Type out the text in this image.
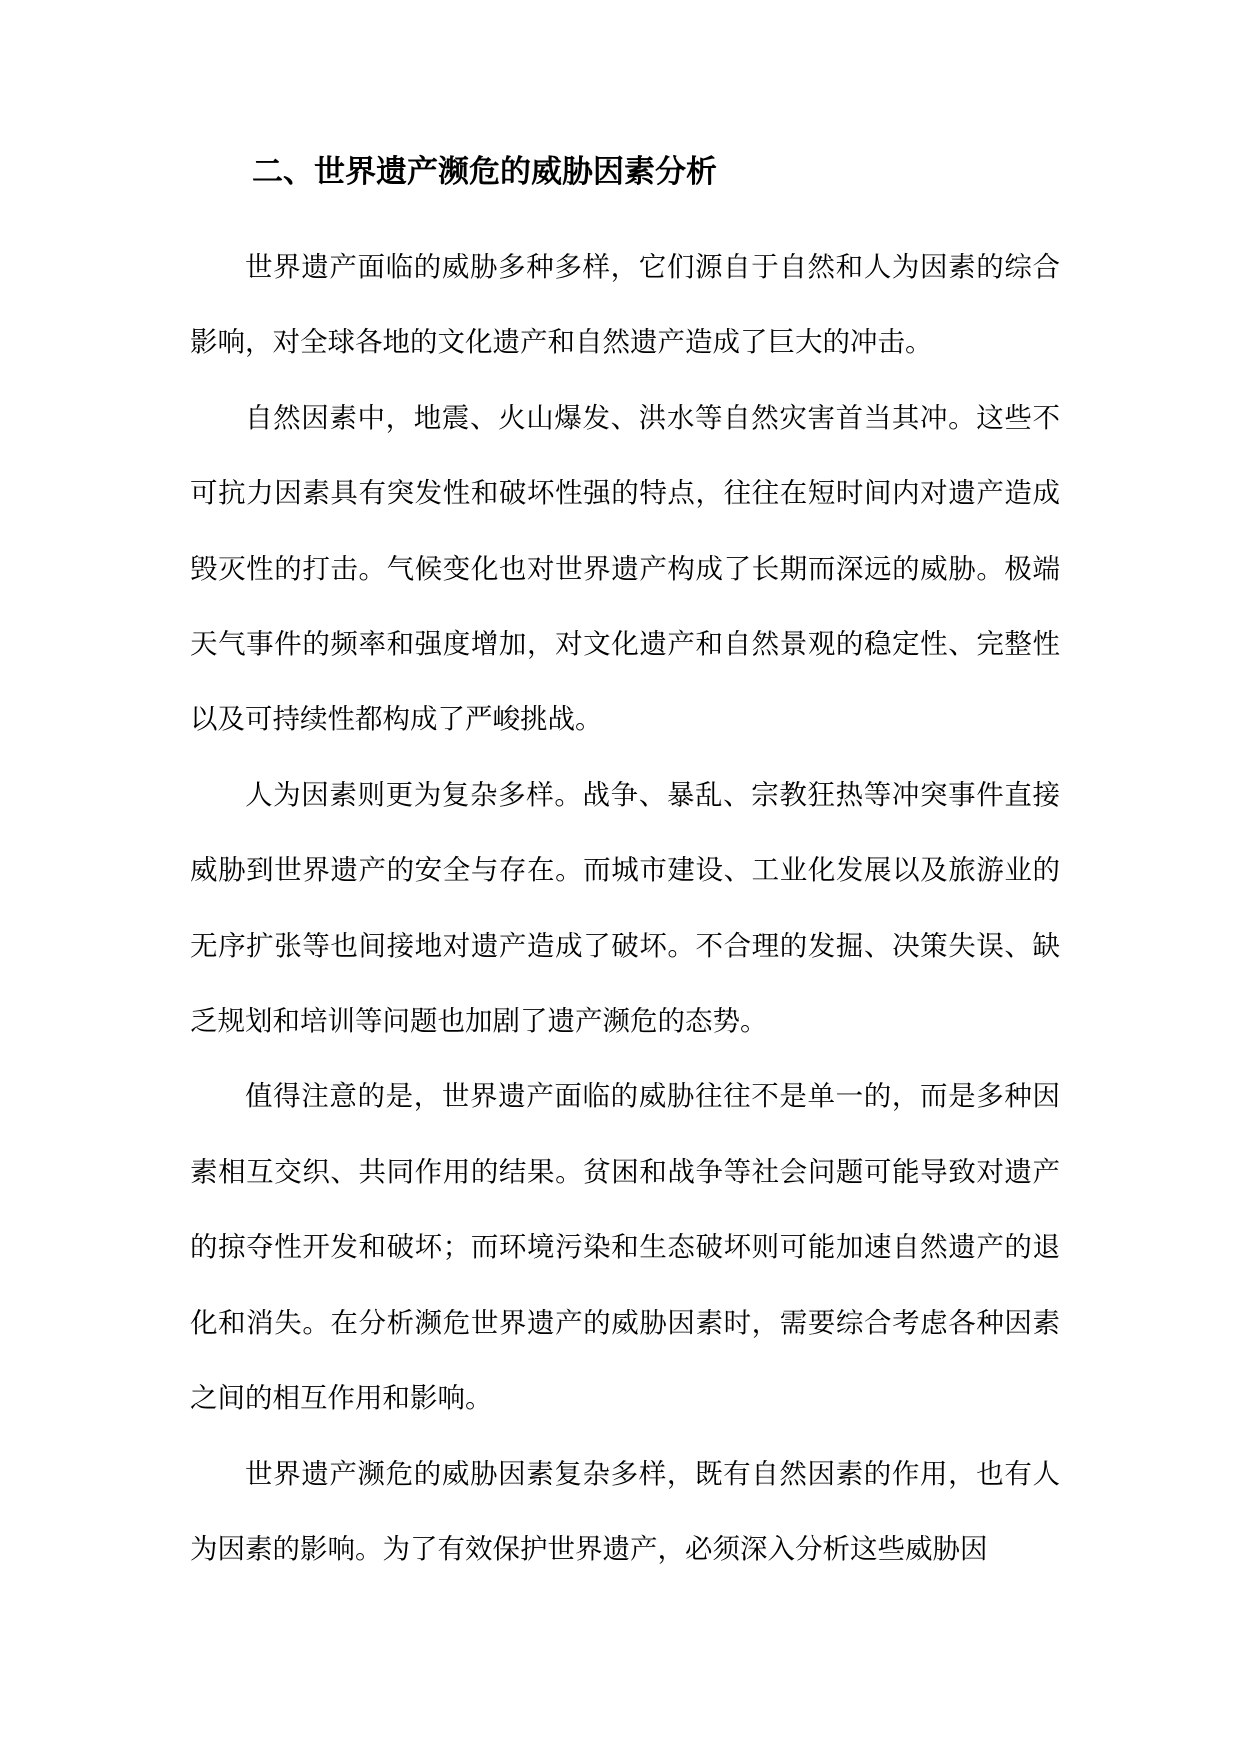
二、世界遗产濒危的威胁因素分析

世界遗产面临的威胁多种多样，它们源自于自然和人为因素的综合影响，对全球各地的文化遗产和自然遗产造成了巨大的冲击。

自然因素中，地震、火山爆发、洪水等自然灾害首当其冲。这些不可抗力因素具有突发性和破坏性强的特点，往往在短时间内对遗产造成毁灭性的打击。气候变化也对世界遗产构成了长期而深远的威胁。极端天气事件的频率和强度增加，对文化遗产和自然景观的稳定性、完整性以及可持续性都构成了严峻挑战。

人为因素则更为复杂多样。战争、暴乱、宗教狂热等冲突事件直接威胁到世界遗产的安全与存在。而城市建设、工业化发展以及旅游业的无序扩张等也间接地对遗产造成了破坏。不合理的发掘、决策失误、缺乏规划和培训等问题也加剧了遗产濒危的态势。

值得注意的是，世界遗产面临的威胁往往不是单一的，而是多种因素相互交织、共同作用的结果。贫困和战争等社会问题可能导致对遗产的掠夺性开发和破坏；而环境污染和生态破坏则可能加速自然遗产的退化和消失。在分析濒危世界遗产的威胁因素时，需要综合考虑各种因素之间的相互作用和影响。

世界遗产濒危的威胁因素复杂多样，既有自然因素的作用，也有人为因素的影响。为了有效保护世界遗产，必须深入分析这些威胁因
